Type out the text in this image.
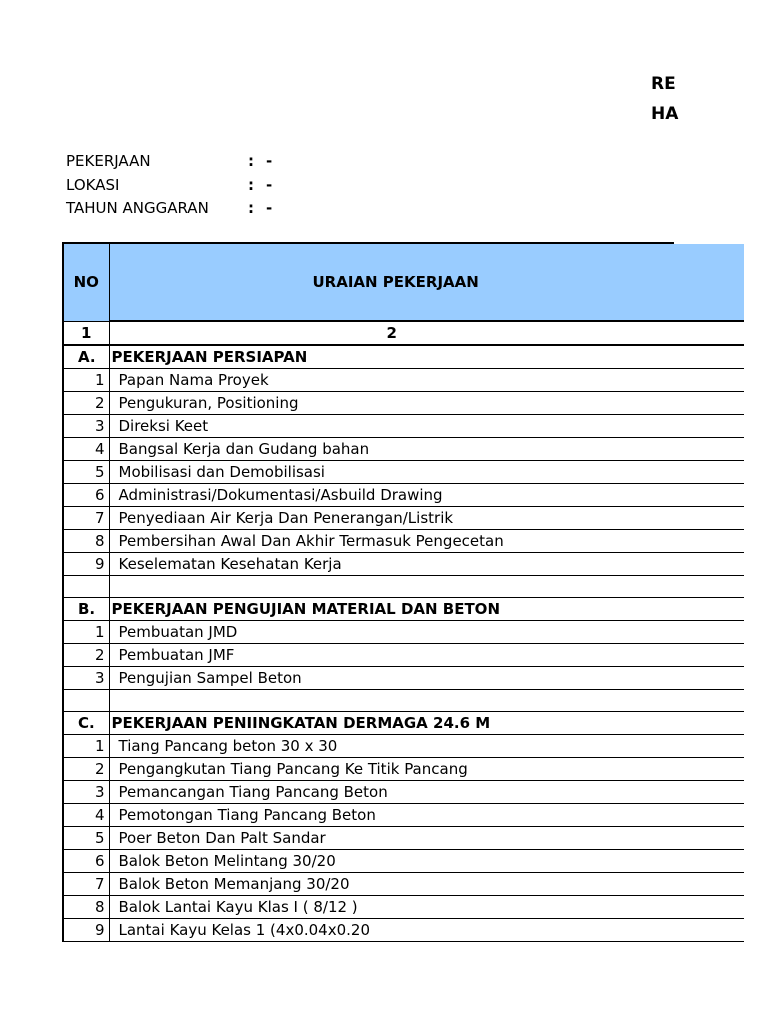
RE
HA
PEKERJAAN	: -
LOKASI	: -
TAHUN ANGGARAN	: -
NO	URAIAN PEKERJAAN
1	2
A.	PEKERJAAN PERSIAPAN
1	Papan Nama Proyek
2	Pengukuran, Positioning
3	Direksi Keet
4	Bangsal Kerja dan Gudang bahan
5	Mobilisasi dan Demobilisasi
6	Administrasi/Dokumentasi/Asbuild Drawing
7	Penyediaan Air Kerja Dan Penerangan/Listrik
8	Pembersihan Awal Dan Akhir Termasuk Pengecetan
9	Keselematan Kesehatan Kerja

B.	PEKERJAAN PENGUJIAN MATERIAL DAN BETON
1	Pembuatan JMD
2	Pembuatan JMF
3	Pengujian Sampel Beton

C.	PEKERJAAN PENIINGKATAN DERMAGA 24.6 M
1	Tiang Pancang beton 30 x 30
2	Pengangkutan Tiang Pancang Ke Titik Pancang
3	Pemancangan Tiang Pancang Beton
4	Pemotongan Tiang Pancang Beton
5	Poer Beton Dan Palt Sandar
6	Balok Beton Melintang 30/20
7	Balok Beton Memanjang 30/20
8	Balok Lantai Kayu Klas I ( 8/12 )
9	Lantai Kayu Kelas 1 (4x0.04x0.20
